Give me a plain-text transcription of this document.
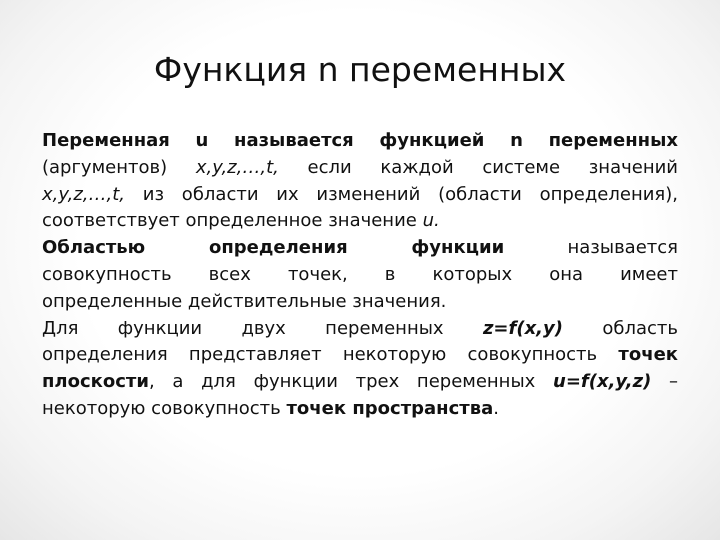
Функция n переменных

Переменная u называется функцией n переменных
(аргументов) x,y,z,…,t, если каждой системе значений
x,y,z,…,t, из области их изменений (области определения),
соответствует определенное значение u.

Областью определения функции называется
совокупность всех точек, в которых она имеет
определенные действительные значения.

Для функции двух переменных z=f(x,y) область
определения представляет некоторую совокупность точек
плоскости, а для функции трех переменных u=f(x,y,z) –
некоторую совокупность точек пространства.
